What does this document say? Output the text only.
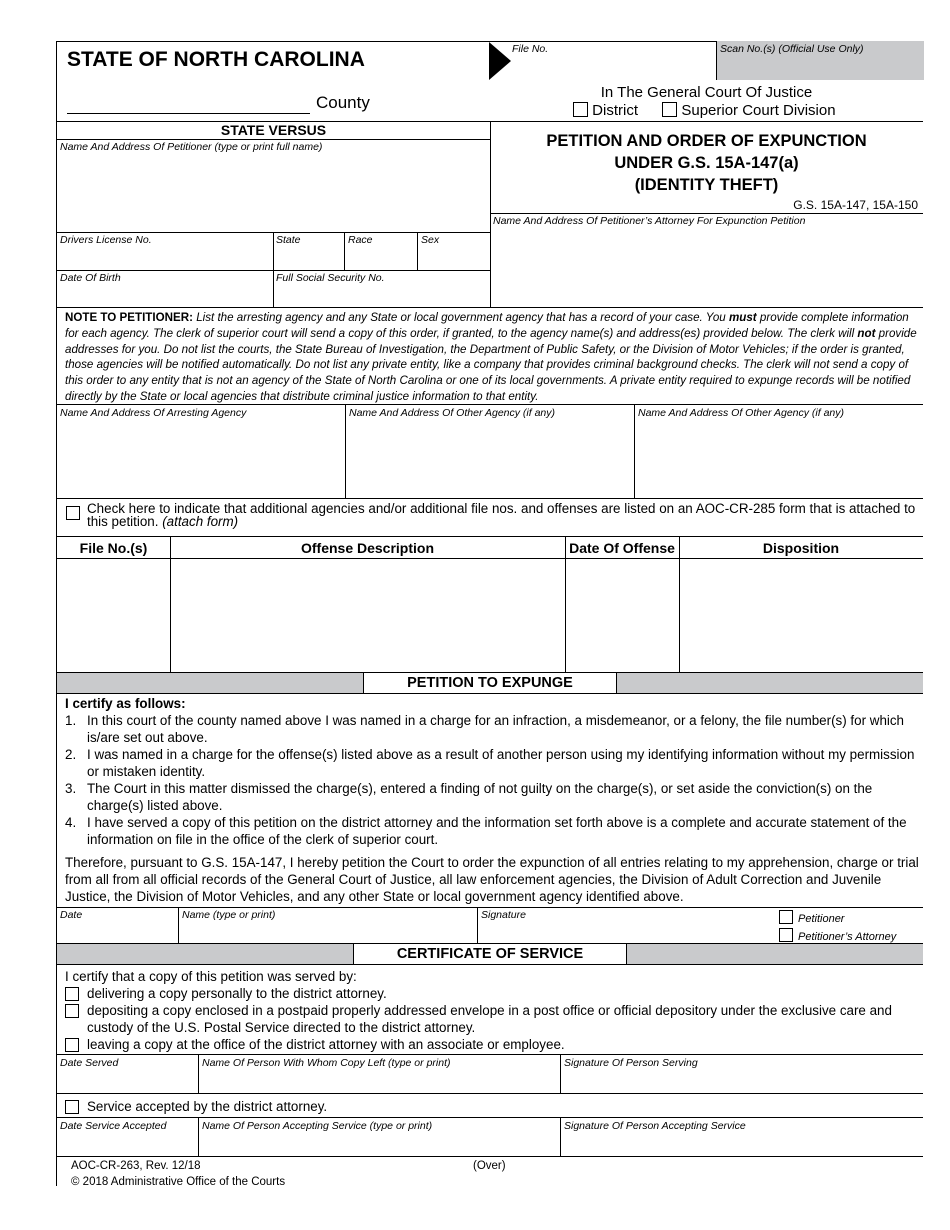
STATE OF NORTH CAROLINA
County
File No.	Scan No.(s) (Official Use Only)
In The General Court Of Justice
District	Superior Court Division
STATE VERSUS
Name And Address Of Petitioner (type or print full name)	PETITION AND ORDER OF EXPUNCTION
UNDER G.S. 15A-147(a)
(IDENTITY THEFT)
G.S. 15A-147, 15A-150
Name And Address Of Petitioner’s Attorney For Expunction Petition
Drivers License No.	State	Race	Sex
Date Of Birth	Full Social Security No.
NOTE TO PETITIONER: List the arresting agency and any State or local government agency that has a record of your case. You must provide complete information for each agency. The clerk of superior court will send a copy of this order, if granted, to the agency name(s) and address(es) provided below. The clerk will not provide addresses for you. Do not list the courts, the State Bureau of Investigation, the Department of Public Safety, or the Division of Motor Vehicles; if the order is granted, those agencies will be notified automatically. Do not list any private entity, like a company that provides criminal background checks. The clerk will not send a copy of this order to any entity that is not an agency of the State of North Carolina or one of its local governments. A private entity required to expunge records will be notified directly by the State or local agencies that distribute criminal justice information to that entity.
Name And Address Of Arresting Agency	Name And Address Of Other Agency (if any)	Name And Address Of Other Agency (if any)
Check here to indicate that additional agencies and/or additional file nos. and offenses are listed on an AOC-CR-285 form that is attached to this petition. (attach form)
File No.(s)	Offense Description	Date Of Offense	Disposition
PETITION TO EXPUNGE
I certify as follows:
1. In this court of the county named above I was named in a charge for an infraction, a misdemeanor, or a felony, the file number(s) for which is/are set out above.
2. I was named in a charge for the offense(s) listed above as a result of another person using my identifying information without my permission or mistaken identity.
3. The Court in this matter dismissed the charge(s), entered a finding of not guilty on the charge(s), or set aside the conviction(s) on the charge(s) listed above.
4. I have served a copy of this petition on the district attorney and the information set forth above is a complete and accurate statement of the information on file in the office of the clerk of superior court.
Therefore, pursuant to G.S. 15A-147, I hereby petition the Court to order the expunction of all entries relating to my apprehension, charge or trial from all from all official records of the General Court of Justice, all law enforcement agencies, the Division of Adult Correction and Juvenile Justice, the Division of Motor Vehicles, and any other State or local government agency identified above.
Date	Name (type or print)	Signature	Petitioner
Petitioner’s Attorney
CERTIFICATE OF SERVICE
I certify that a copy of this petition was served by:
delivering a copy personally to the district attorney.
depositing a copy enclosed in a postpaid properly addressed envelope in a post office or official depository under the exclusive care and custody of the U.S. Postal Service directed to the district attorney.
leaving a copy at the office of the district attorney with an associate or employee.
Date Served	Name Of Person With Whom Copy Left (type or print)	Signature Of Person Serving
Service accepted by the district attorney.
Date Service Accepted	Name Of Person Accepting Service (type or print)	Signature Of Person Accepting Service
AOC-CR-263, Rev. 12/18
© 2018 Administrative Office of the Courts
(Over)
